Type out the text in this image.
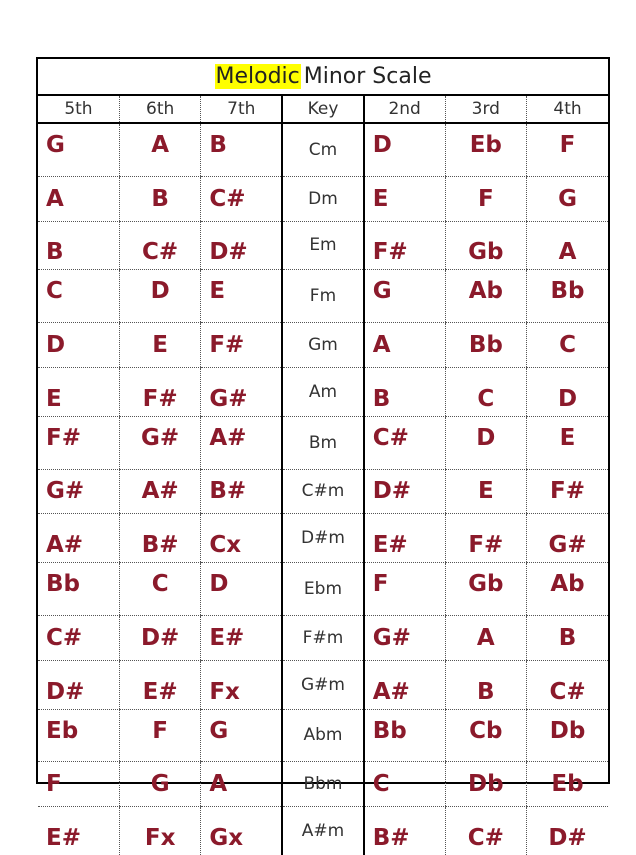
Melodic Minor Scale
5th	6th	7th	Key	2nd	3rd	4th
G	A	B	Cm	D	Eb	F
A	B	C#	Dm	E	F	G
B	C#	D#	Em	F#	Gb	A
C	D	E	Fm	G	Ab	Bb
D	E	F#	Gm	A	Bb	C
E	F#	G#	Am	B	C	D
F#	G#	A#	Bm	C#	D	E
G#	A#	B#	C#m	D#	E	F#
A#	B#	Cx	D#m	E#	F#	G#
Bb	C	D	Ebm	F	Gb	Ab
C#	D#	E#	F#m	G#	A	B
D#	E#	Fx	G#m	A#	B	C#
Eb	F	G	Abm	Bb	Cb	Db
F	G	A	Bbm	C	Db	Eb
E#	Fx	Gx	A#m	B#	C#	D#
